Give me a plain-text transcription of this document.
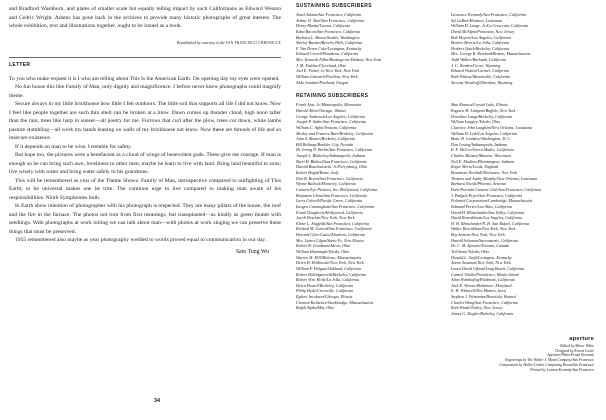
and Bradford Washburn, and plates of smaller scale but equally telling impact by such Californians as Edward Weston and Cedric Wright. Adams has gone back in the archives to provide many historic photographs of great interest. The whole exhibition, text and illustrations together, ought to be issued as a book.

Republished by courtesy of the SAN FRANCISCO CHRONICLE
LETTER

To you who make request it is I who am telling about This Is the American Earth. On opening day my eyes were opened.

No fun house this like Family of Man, only dignity and magnificence. I before never knew photographs could magnify theme.

Secure always in my little brickhouse how little I felt outdoors. The little soil that supports all life I did not know. Now I feel like people together are such thin shell can be broken at a blow. Dawn comes up thunder cloud, high noon taller than the rain, trees like harp in sunset—all poetry for me. Furrows that curl after the plow, trees cut down, white lambs pasture stumbling—all work my hands leaning on walls of my brickhouse not know. Now these are threads of life and so insecure existence.

If it depends on man to be wise, I tremble for safety.

But hope too, the pictures were a benefacent as a cloud of wings of benevolent gods. These give me courage. If man is enough so he can bring such awe, loveliness to other men, maybe he learn to live with land. Bring land beautiful to sons; live wisely with water and bring water safely to his grandsons.

This will be remembered as year of the Theme Shows. Family of Man, introspective compared to outfighting of This Earth; to be universal makes one be trite. The common urge to live compared to making man aware of his responsibilities. Ninth Symphonies both.

In Earth show intention of photographer with his photograph is respected. They are many pillars of the house, the roof and the fire in the furnace. The photos not torn from first meanings, but transplanted—as kindly as green thumb with seedlings. With photographs at work toiling we can talk about man—with photos at work singing we can preserve these things that must be preserved.

1955 remembered also maybe as year photography wedded to words proved equal to communication in our day.

Sam Tung Wu
34
SUSTAINING SUBSCRIBERS
Ansel Adams/San Francisco, California
Arthur D. Abel/San Francisco, California
Henry Blanks/Tucson, California
Edna Bacon/San Francisco, California
Barbara L. Brown/Seattle, Washington
Shirley Burden/Beverly Hills, California
F. Van Deren Coke/Lexington, Kentucky
Edward Crevelt/Pasadena, California
Mrs. Kenneth Edlin/Hastings-on-Hudson, New York
J. M. Erdelac/Cleveland, Ohio
Joel E. Fisher, Jr./New York, New York
William Gratwick/Pavilion, New York
Alda Jourdan/Portland, Oregon
Lawrence Kennedy/San Francisco, California
Syl LaBrot/Houston, Louisiana
William H. Lange, Jr./La Crescenta, California
David McAlpin/Princeton, New Jersey
Bob Meyers/Los Angeles, California
Beatrix Morris/La Jolla, California
Herbert Quick/Berkeley, California
Mrs. George B. Rowland/Boston, Massachusetts
Todd Walker/Burbank, California
J. C. Warden/Grove, Wyoming
Edward Weston/Carmel, California
Ruth Widess/Watsonville, California
Stevens Woodruff/Sheridan, Wyoming
RETAINING SUBSCRIBERS
Frank Ajax, Jr./Minneapolis, Minnesota
Harold Allen/Chicago, Illinois
George Anderson/Los Angeles, California
Joseph P. Andre/San Francisco, California
William C. Aplin/Ventura, California
Morley and Frances Baer/Berkeley, California
John S. Barnes/Berkeley, California
Bill Belknap/Boulder City, Nevada
Dr. Irving N. Berlin/San Francisco, California
Joseph L. Blakesley/Indianapolis, Indiana
Sheri H. Blakesl/San Francisco, California
Harold Bouchonstein, Jr./Perrysburg, Ohio
Robert Bright/Rome, Italy
Don B. Bryan/San Francisco, California
Wynne Bullock/Monterey, California
Camera Eye Pictures, Inc./Hollywood, California
Benjamin Chinn/San Francisco, California
Larry Colwell/Pacific Grove, California
Imogen Cunningham/San Francisco, California
Frank Dougherty/Hollywood, California
Jacob Deschin/New York, New York
Elmer L. Engfeldt/San Francisco, California
Richard M. Garrod/San Francisco, California
Howard Giles-Gates/Altadena, California
Mrs. Laura Gilpin/Santa Fe, New Mexico
Robert B. Goodman/Akron, Ohio
William Hammagh/Toledo, Ohio
Warren M. Hill/Melrose, Massachusetts
Helen H. Holbrooke/New York, New York
William F. Holgate/Oakland, California
Robert Hollingsworth/Berkeley, California
Robert Wm. Holtz/La Jolla, California
Helen Howell/Berkeley, California
Philip Hyde/Greenville, California
Egbert Jacobson/Chicago, Illinois
Clement Kalischer/Stockbridge, Massachusetts
Ralph Alpha/Mar, Ohio
Shui Kimura/Crystal Lake, Illinois
Eugenie H. Lamport/Buffalo, New York
Dorothea Lange/Berkeley, California
William Langley/Toledo, Ohio
Clarence John Laughlin/New Orleans, Louisiana
William H. Leib/Los Angeles, California
Basic H. Lindsley/Washington, D. C.
Don Loving/Indianapolis, Indiana
R. F. McGee/Sierra Madre, California
Charles Mauzey/Manson, Wisconsin
Neil E. Mattlow/Bloomington, Indiana
Roger Mertz/Leeds, England
Beaumont Newhall/Rochester, New York
Thomas and Audry Murphy/New Orleans, Louisiana
Barbara Nicols/Phoenix, Arizona
Park-Prevtaln Camera Club/San Francisco, California
J. Padgett Pryor/San Francisco, California
Polaroid Corporation/Cambridge, Massachusetts
Edmund Porter/Los Altos, California
David H. Rhinelander/Sun Valley, California
David Rosenbloom/Los Angeles, California
H. H. Rhinelander/N. H. San Rafael, California
Walter Rosenblum/New York, New York
Ray Simone/New York, New York
Harold Solomon/Sacramento, California
Dr. C. M. Sprouse/Toronto, Canada
Ted Stone/Toledo, Ohio
Donald L. Swift/Lexington, Kentucky
Aaron Sussman/New York, New York
Laura David Ufland/Long Beach, California
Carmel Vitullo/Providence, Rhode Island
Alma Wahrhaftig/Piedmont, California
Jack E. Werner/Baltimore, Maryland
E. H. Whitwell/Des Moines, Iowa
Stephen J. Weissman/Honolulu, Hawaii
Charles Wong/San Francisco, California
Ruth Winde/Nutley, New Jersey
James G. Ziegler/Berkeley, California
aperture
Edited by Minor White
Designed by Ernest Lowie
Aperture/Photo/Frank Kennedy
Engravings by The Walter J. Mann Company/San Francisco
Composition by Hallie-Cordes Composing Room/San Francisco
Printed by Lawton Kennedy/San Francisco
